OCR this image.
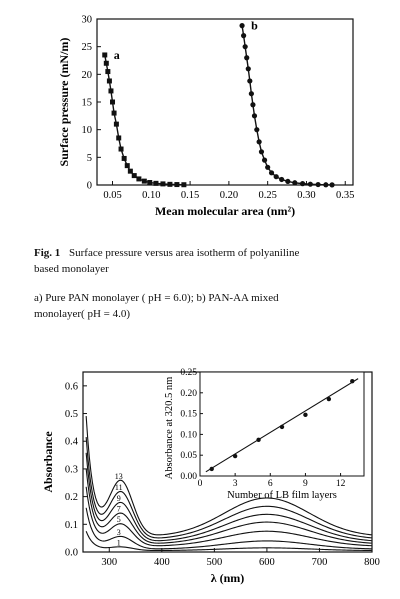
0.05 0.10 0.15 0.20 0.25 0.30 0.35
0
5
10
15
20
25
30
Mean molecular area (nm²)
Surface pressure (mN/m)	a
b
300	400	500	600	700	800
0.0
0.1
0.2
0.3
0.4
0.5
0.6
λ (nm)
Absorbance
1
3
5
7
9
11
13
0	3	6	9	12
0.00
0.05
0.10
0.15
0.20
0.25
Number of LB film layers
Absorbance at 320.5 nm
Fig. 1 Surface pressure versus area isotherm of polyaniline
based monolayer
a) Pure PAN monolayer ( pH = 6.0); b) PAN-AA mixed
monolayer( pH = 4.0)
